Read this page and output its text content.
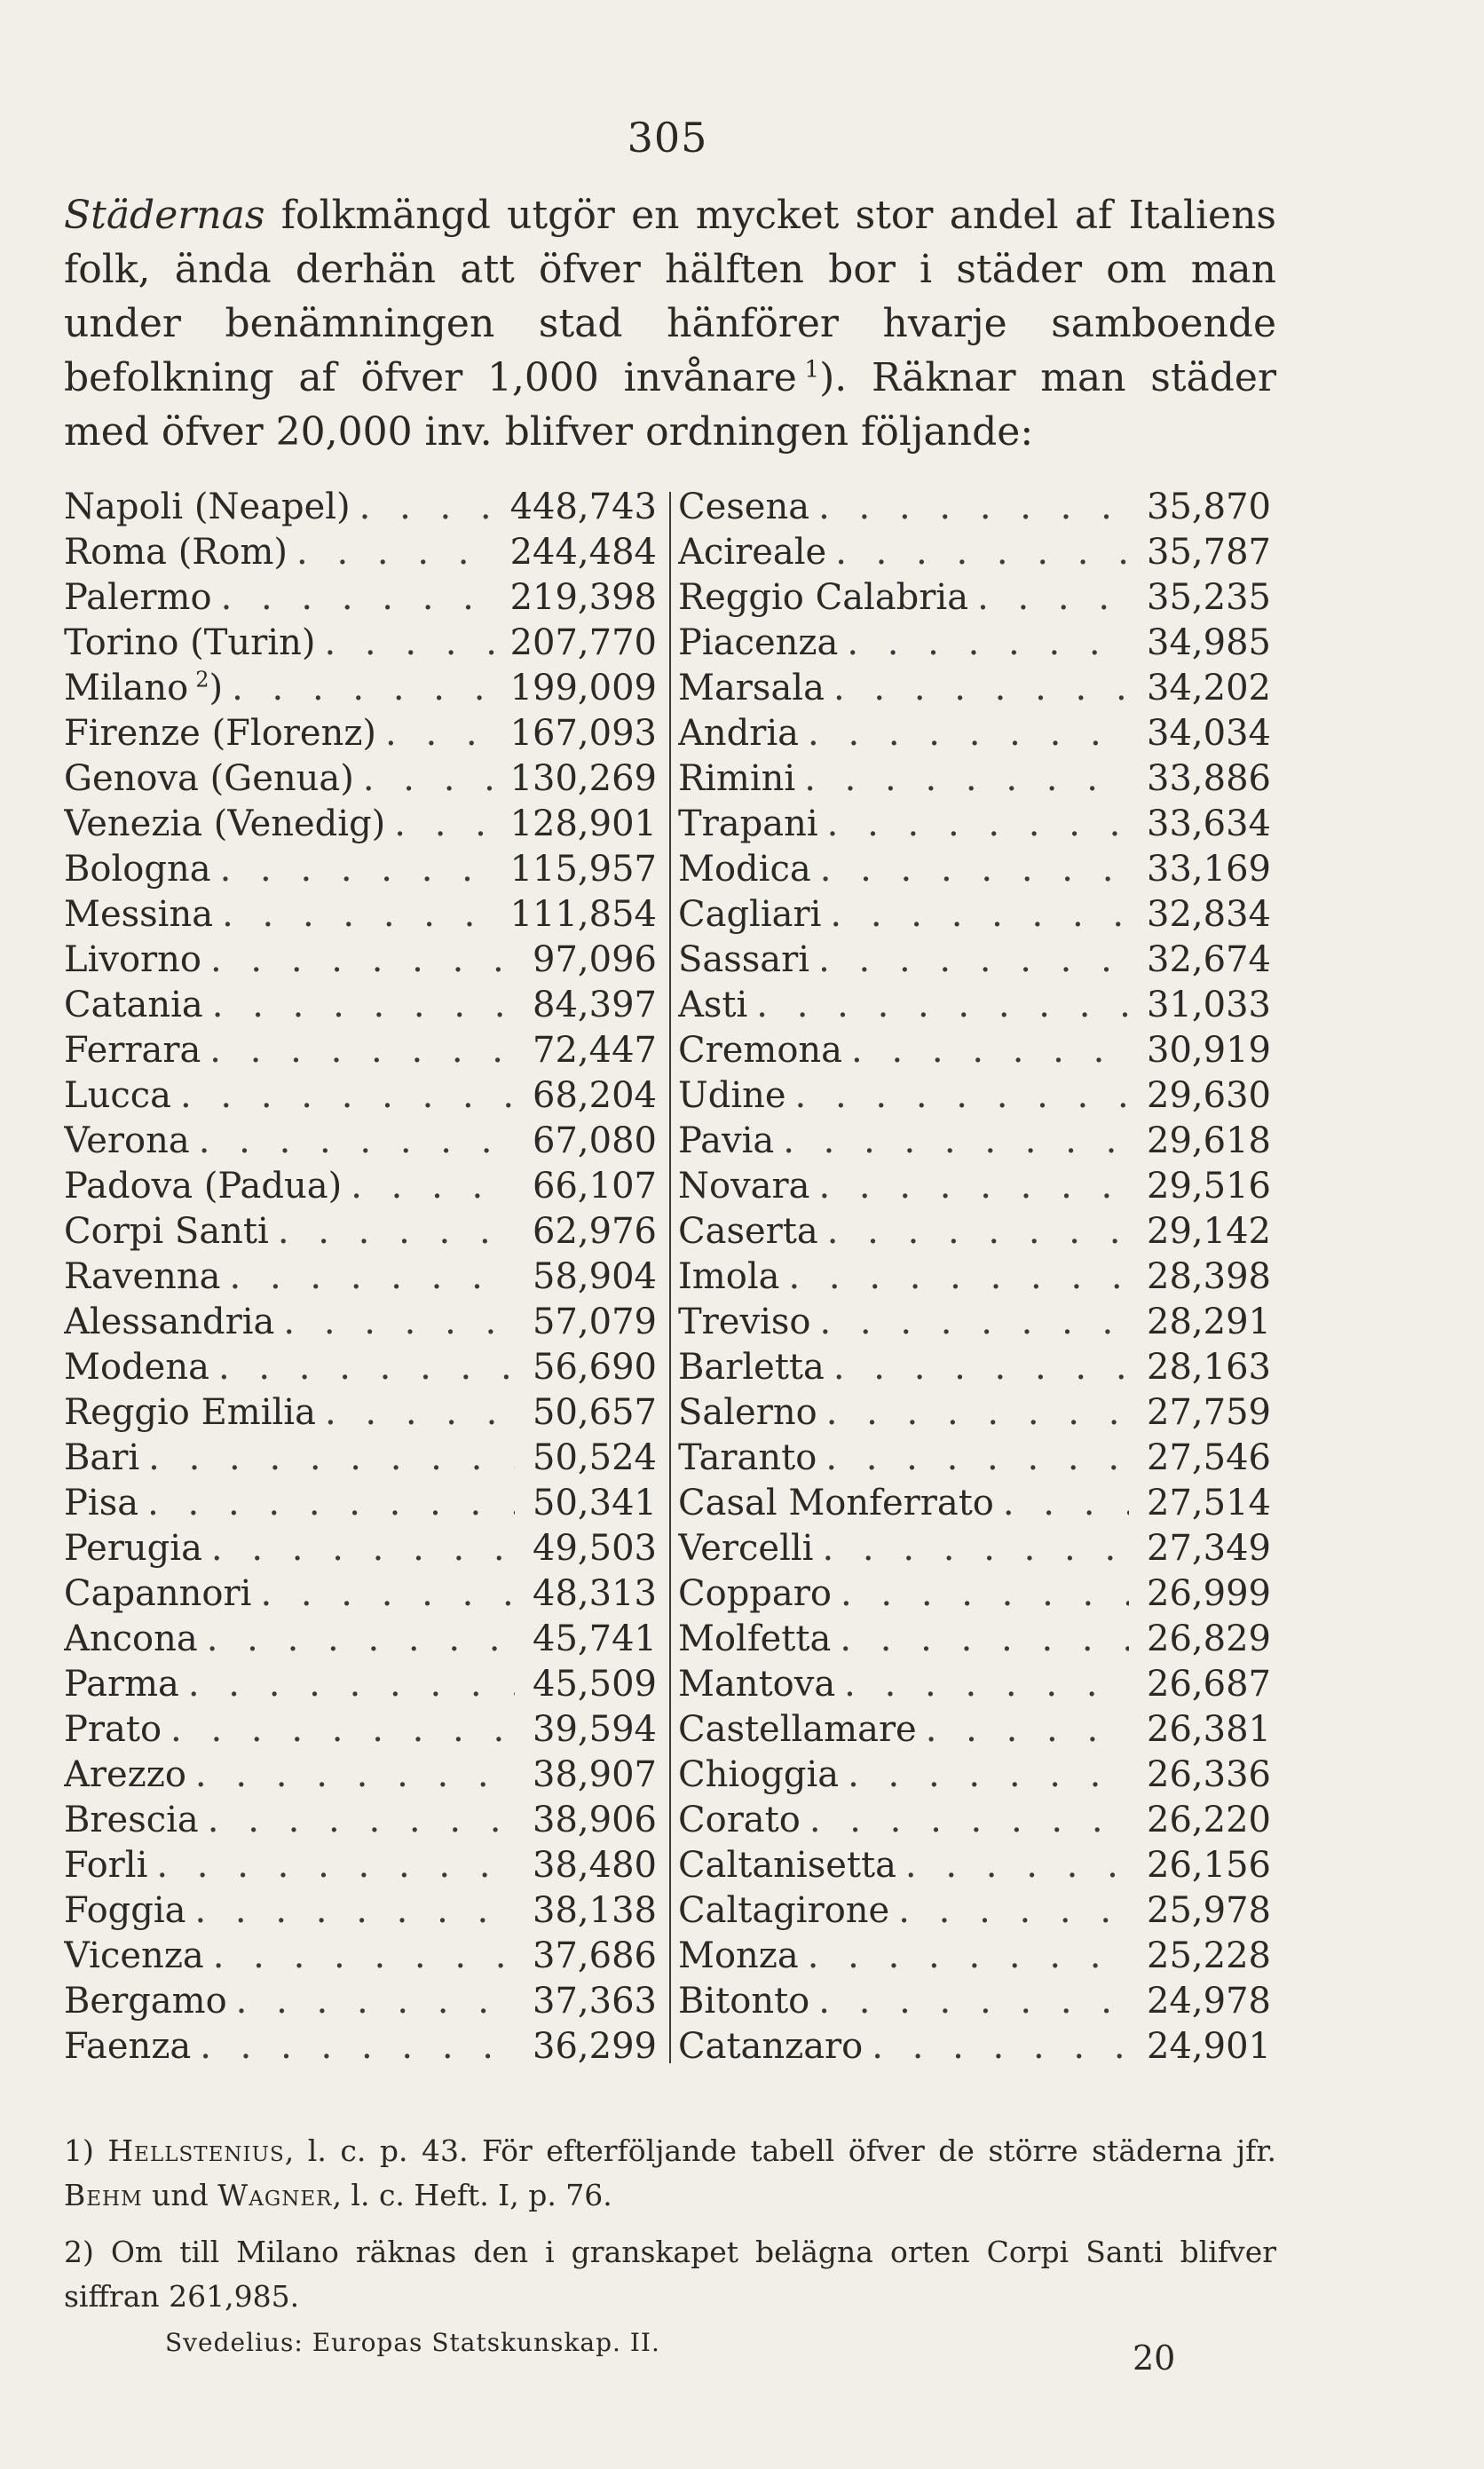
305
Städernas folkmängd utgör en mycket stor andel af Italiens folk, ända derhän att öfver hälften bor i städer om man under benämningen stad hänförer hvarje samboende befolkning af öfver 1,000 invånare  $^1$). Räknar man städer med öfver 20,000 inv. blifver ordningen följande:
Napoli (Neapel) . . .	448,743
Roma (Rom) . . .	244,484
Palermo . . .	219,398
Torino (Turin) . . .	207,770
Milano  $^2$) . . .	199,009
Firenze (Florenz) . . .	167,093
Genova (Genua) . . .	130,269
Venezia (Venedig) . . .	128,901
Bologna . . .	115,957
Messina . . .	111,854
Livorno . . .	97,096
Catania . . .	84,397
Ferrara . . .	72,447
Lucca . . .	68,204
Verona . . .	67,080
Padova (Padua) . . .	66,107
Corpi Santi . . .	62,976
Ravenna . . .	58,904
Alessandria . . .	57,079
Modena . . .	56,690
Reggio Emilia . . .	50,657
Bari . . .	50,524
Pisa . . .	50,341
Perugia . . .	49,503
Capannori . . .	48,313
Ancona . . .	45,741
Parma . . .	45,509
Prato . . .	39,594
Arezzo . . .	38,907
Brescia . . .	38,906
Forli . . .	38,480
Foggia . . .	38,138
Vicenza . . .	37,686
Bergamo . . .	37,363
Faenza . . .	36,299
Cesena . . .	35,870
Acireale . . .	35,787
Reggio Calabria . . .	35,235
Piacenza . . .	34,985
Marsala . . .	34,202
Andria . . .	34,034
Rimini . . .	33,886
Trapani . . .	33,634
Modica . . .	33,169
Cagliari . . .	32,834
Sassari . . .	32,674
Asti . . .	31,033
Cremona . . .	30,919
Udine . . .	29,630
Pavia . . .	29,618
Novara . . .	29,516
Caserta . . .	29,142
Imola . . .	28,398
Treviso . . .	28,291
Barletta . . .	28,163
Salerno . . .	27,759
Taranto . . .	27,546
Casal Monferrato . . .	27,514
Vercelli . . .	27,349
Copparo . . .	26,999
Molfetta . . .	26,829
Mantova . . .	26,687
Castellamare . . .	26,381
Chioggia . . .	26,336
Corato . . .	26,220
Caltanisetta . . .	26,156
Caltagirone . . .	25,978
Monza . . .	25,228
Bitonto . . .	24,978
Catanzaro . . .	24,901
1) Hellstenius, l. c. p. 43. För efterföljande tabell öfver de större städerna jfr. Behm und Wagner, l. c. Heft. I, p. 76.
2) Om till Milano räknas den i granskapet belägna orten Corpi Santi blifver siffran 261,985.
Svedelius: Europas Statskunskap. II.	20
